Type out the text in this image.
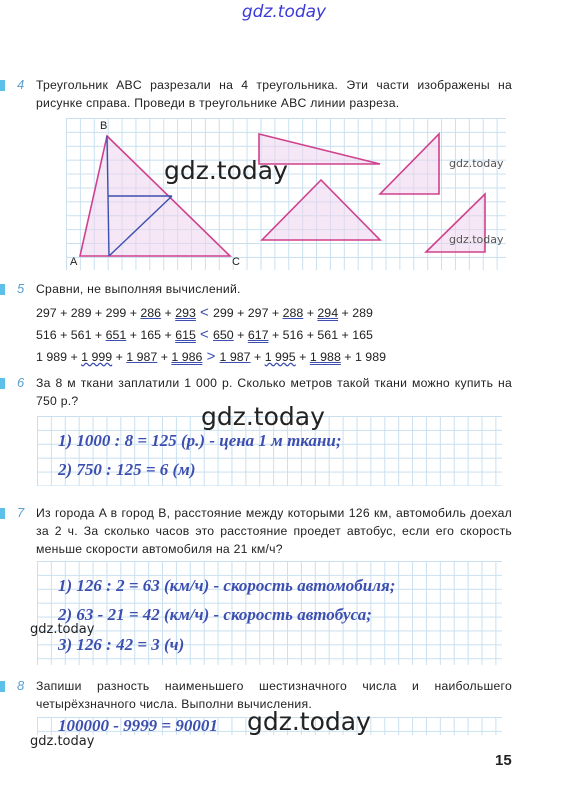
gdz.today
4 Треугольник ABC разрезали на 4 треугольника. Эти части изображены на рисунке справа. Проведи в треугольнике ABC линии разреза.
B
A	C
gdz.today	gdz.today
gdz.today
5 Сравни, не выполняя вычислений.
297 + 289 + 299 + 286 + 293 < 299 + 297 + 288 + 294 + 289
516 + 561 + 651 + 165 + 615 < 650 + 617 + 516 + 561 + 165
1 989 + 1 999 + 1 987 + 1 986 > 1 987 + 1 995 + 1 988 + 1 989
6 За 8 м ткани заплатили 1 000 р. Сколько метров такой ткани можно купить на 750 р.?
gdz.today
1) 1000 : 8 = 125 (р.) - цена 1 м ткани;
2) 750 : 125 = 6 (м)
7 Из города A в город B, расстояние между которыми 126 км, автомобиль доехал за 2 ч. За сколько часов это расстояние проедет автобус, если его скорость меньше скорости автомобиля на 21 км/ч?
1) 126 : 2 = 63 (км/ч) - скорость автомобиля;
2) 63 - 21 = 42 (км/ч) - скорость автобуса;
3) 126 : 42 = 3 (ч)
gdz.today
8 Запиши разность наименьшего шестизначного числа и наибольшего четырёхзначного числа. Выполни вычисления.
100000 - 9999 = 90001 gdz.today
gdz.today
15
